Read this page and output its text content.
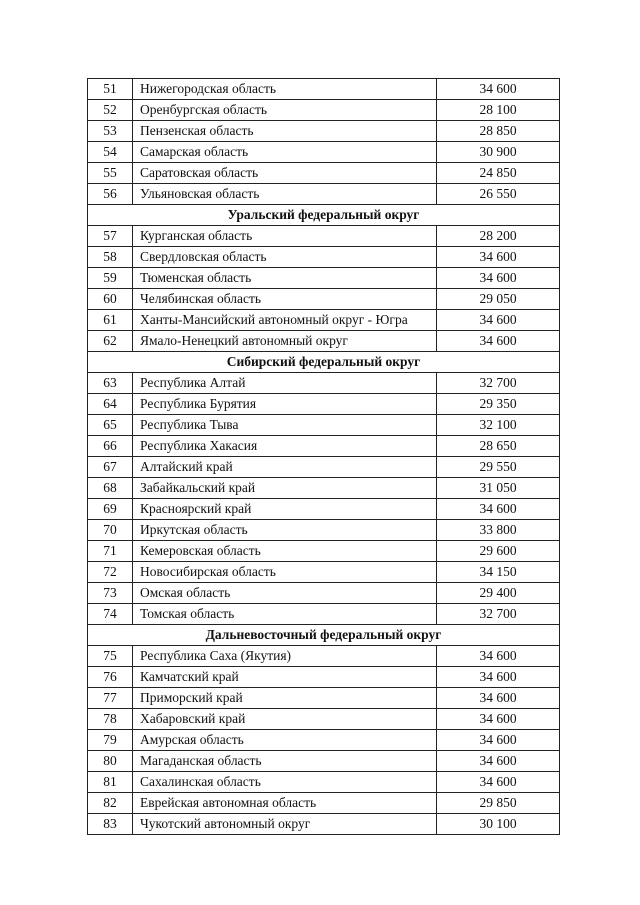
51	Нижегородская область	34 600
52	Оренбургская область	28 100
53	Пензенская область	28 850
54	Самарская область	30 900
55	Саратовская область	24 850
56	Ульяновская область	26 550
Уральский федеральный округ		
57	Курганская область	28 200
58	Свердловская область	34 600
59	Тюменская область	34 600
60	Челябинская область	29 050
61	Ханты-Мансийский автономный округ - Югра	34 600
62	Ямало-Ненецкий автономный округ	34 600
Сибирский федеральный округ		
63	Республика Алтай	32 700
64	Республика Бурятия	29 350
65	Республика Тыва	32 100
66	Республика Хакасия	28 650
67	Алтайский край	29 550
68	Забайкальский край	31 050
69	Красноярский край	34 600
70	Иркутская область	33 800
71	Кемеровская область	29 600
72	Новосибирская область	34 150
73	Омская область	29 400
74	Томская область	32 700
Дальневосточный федеральный округ		
75	Республика Саха (Якутия)	34 600
76	Камчатский край	34 600
77	Приморский край	34 600
78	Хабаровский край	34 600
79	Амурская область	34 600
80	Магаданская область	34 600
81	Сахалинская область	34 600
82	Еврейская автономная область	29 850
83	Чукотский автономный округ	30 100
